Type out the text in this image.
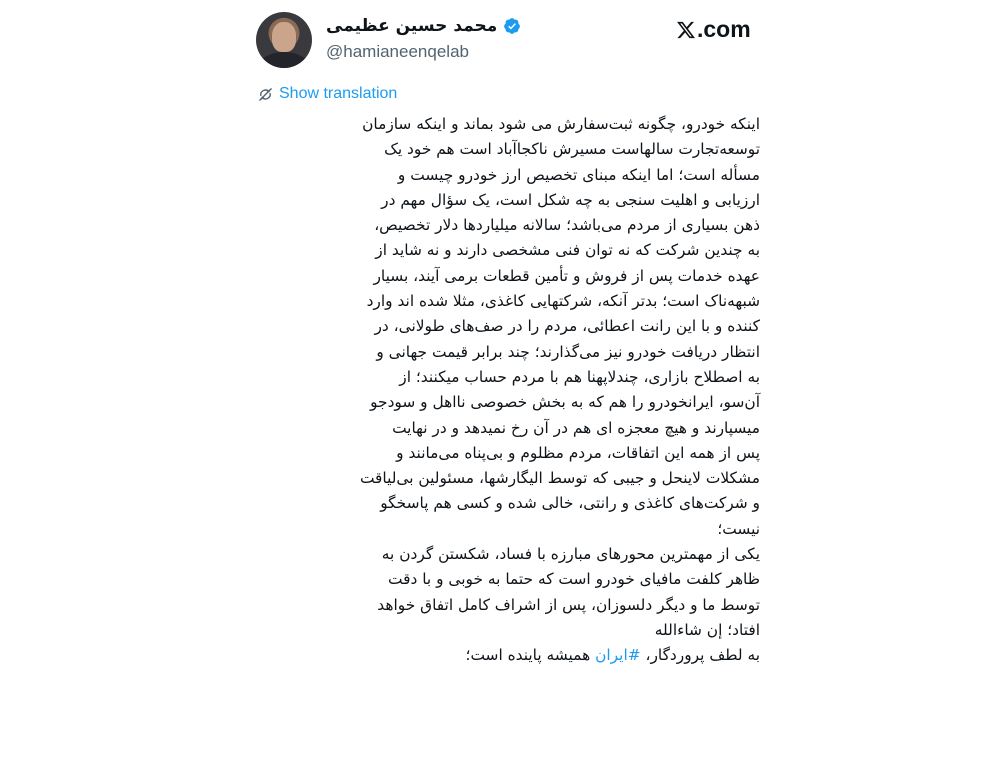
محمد حسین عظیمی
@hamianeenqelab
.com
Show translation
اینکه خودرو، چگونه ثبت‌سفارش می شود بماند و اینکه سازمان
توسعه‌تجارت سالهاست مسیرش ناکجاآباد است هم خود یک
مسأله است؛ اما اینکه مبنای تخصیص ارز خودرو چیست و
ارزیابی و اهلیت سنجی به چه شکل است، یک سؤال مهم در
ذهن بسیاری از مردم می‌باشد؛ سالانه میلیاردها دلار تخصیص،
به چندین شرکت که نه توان فنی مشخصی دارند و نه شاید از
عهده خدمات پس از فروش و تأمین قطعات برمی آیند، بسیار
شبهه‌ناک است؛ بدتر آنکه، شرکتهایی کاغذی، مثلا شده اند وارد
کننده و با این رانت اعطائی، مردم را در صف‌های طولانی، در
انتظار دریافت خودرو نیز می‌گذارند؛ چند برابر قیمت جهانی و
به اصطلاح بازاری، چندلاپهنا هم با مردم حساب میکنند؛ از
آن‌سو، ایرانخودرو را هم که به بخش خصوصی نااهل و سودجو
میسپارند و هیچ معجزه ای هم در آن رخ نمیدهد و در نهایت
پس از همه این اتفاقات، مردم مظلوم و بی‌پناه می‌مانند و
مشکلات لاینحل و جیبی که توسط الیگارشها، مسئولین بی‌لیاقت
و شرکت‌های کاغذی و رانتی، خالی شده و کسی هم پاسخگو
نیست؛
یکی از مهمترین محورهای مبارزه با فساد، شکستن گردن به
ظاهر کلفت مافیای خودرو است که حتما به خوبی و با دقت
توسط ما و دیگر دلسوزان، پس از اشراف کامل اتفاق خواهد
افتاد؛ إن شاءالله
به لطف پروردگار، #ایران همیشه پاینده است؛
